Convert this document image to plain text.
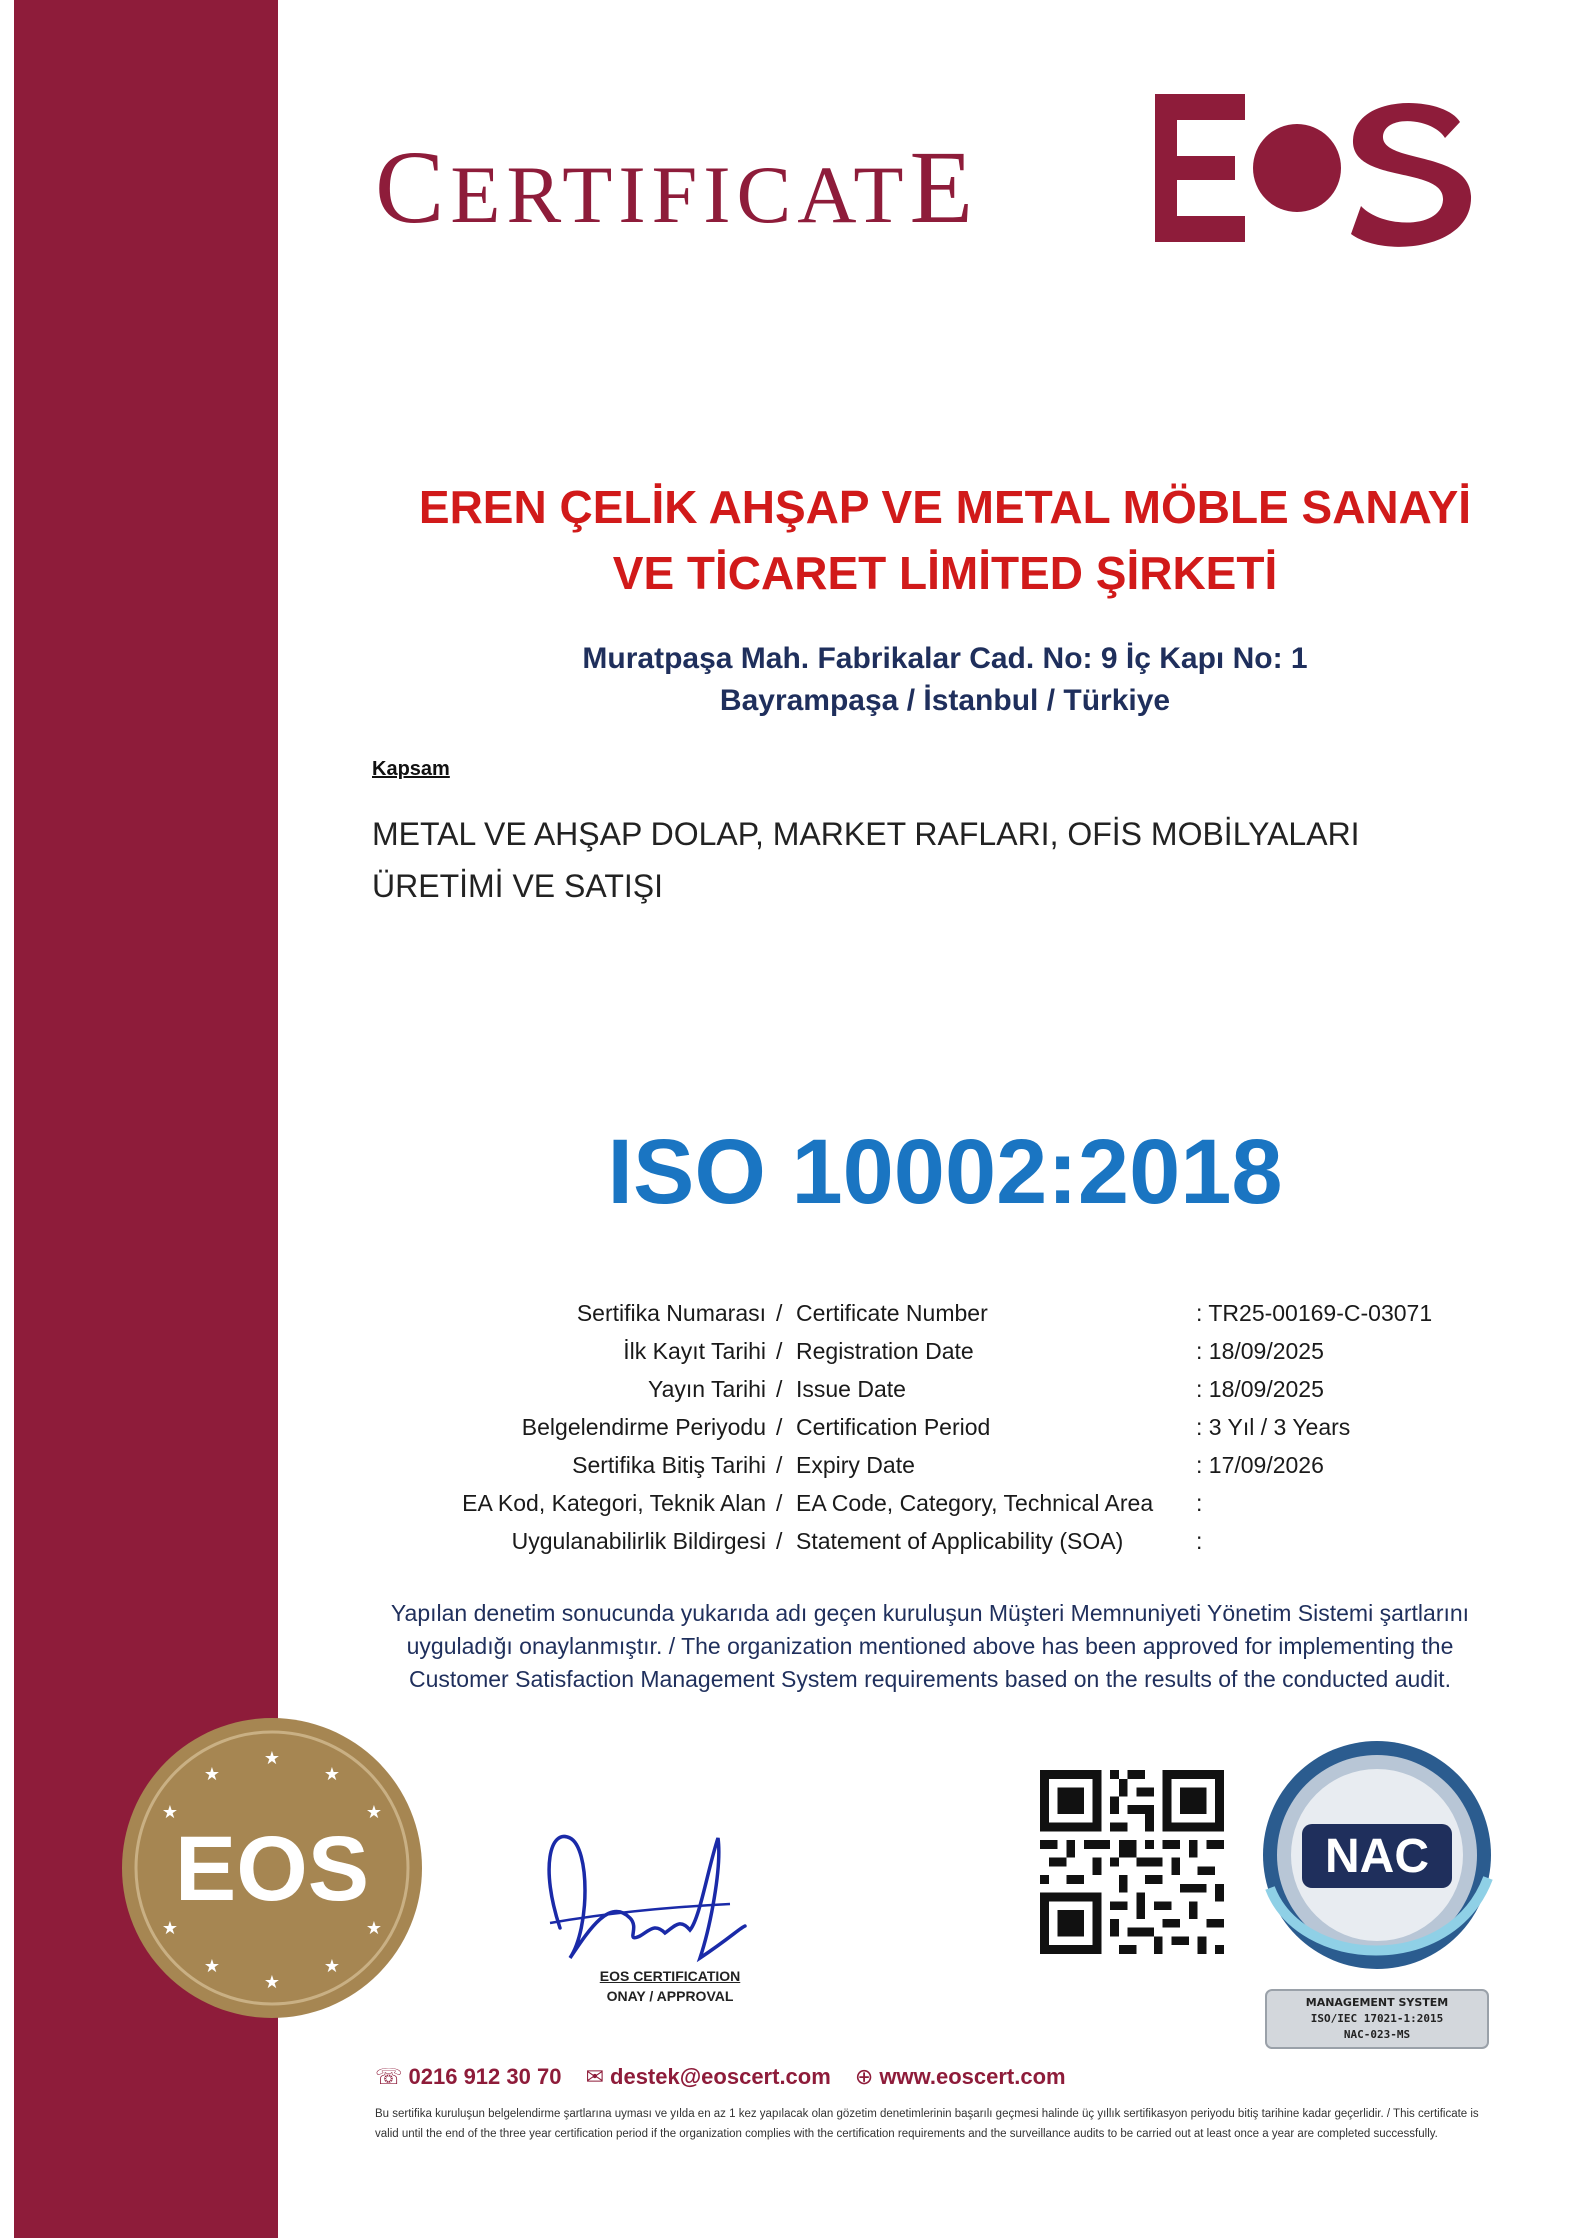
CERTIFICATE
EREN ÇELİK AHŞAP VE METAL MÖBLE SANAYİ
VE TİCARET LİMİTED ŞİRKETİ
Muratpaşa Mah. Fabrikalar Cad. No: 9 İç Kapı No: 1
Bayrampaşa / İstanbul / Türkiye
Kapsam
METAL VE AHŞAP DOLAP, MARKET RAFLARI, OFİS MOBİLYALARI
ÜRETİMİ VE SATIŞI
ISO 10002:2018
Sertifika Numarası / Certificate Number	: TR25-00169-C-03071
İlk Kayıt Tarihi / Registration Date	: 18/09/2025
Yayın Tarihi / Issue Date	: 18/09/2025
Belgelendirme Periyodu / Certification Period	: 3 Yıl / 3 Years
Sertifika Bitiş Tarihi / Expiry Date	: 17/09/2026
EA Kod, Kategori, Teknik Alan / EA Code, Category, Technical Area :
Uygulanabilirlik Bildirgesi / Statement of Applicability (SOA)	:
Yapılan denetim sonucunda yukarıda adı geçen kuruluşun Müşteri Memnuniyeti Yönetim Sistemi şartlarını
uyguladığı onaylanmıştır. / The organization mentioned above has been approved for implementing the
Customer Satisfaction Management System requirements based on the results of the conducted audit.
★
★	★
★	★
★
★	★
★	★
EOS
EOS CERTIFICATION
ONAY / APPROVAL
NAC
MANAGEMENT SYSTEM
ISO/IEC 17021-1:2015
NAC-023-MS
☏ 0216 912 30 70 ✉ destek@eoscert.com ⊕ www.eoscert.com
Bu sertifika kuruluşun belgelendirme şartlarına uyması ve yılda en az 1 kez yapılacak olan gözetim denetimlerinin başarılı geçmesi halinde üç yıllık sertifikasyon periyodu bitiş tarihine kadar geçerlidir. / This certificate is
valid until the end of the three year certification period if the organization complies with the certification requirements and the surveillance audits to be carried out at least once a year are completed successfully.
